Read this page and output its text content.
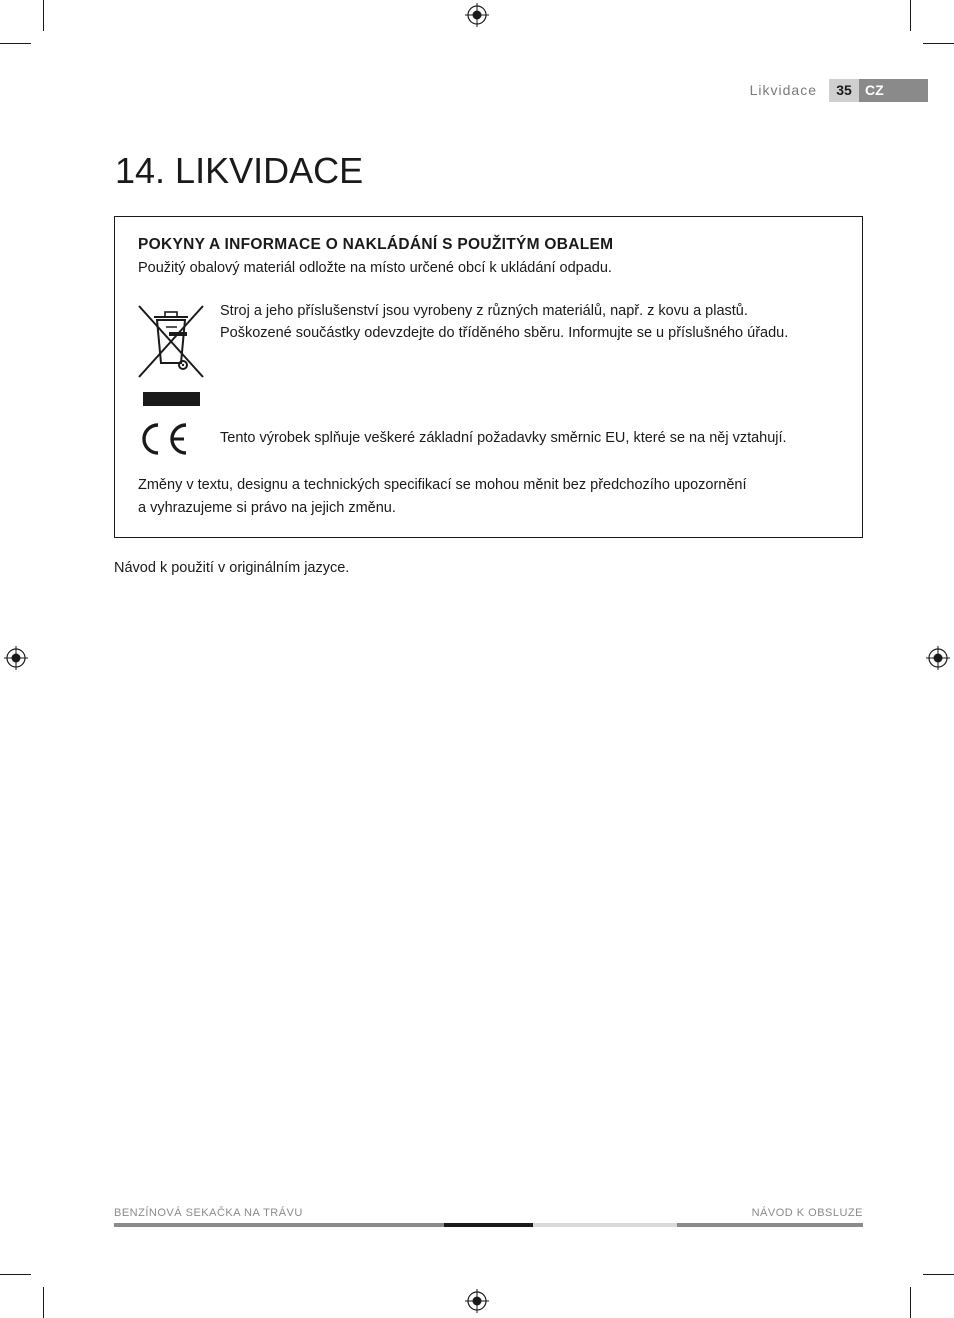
Likvidace	35 CZ
14. LIKVIDACE
POKYNY A INFORMACE O NAKLÁDÁNÍ S POUŽITÝM OBALEM
Použitý obalový materiál odložte na místo určené obcí k ukládání odpadu.
Stroj a jeho příslušenství jsou vyrobeny z různých materiálů, např. z kovu a plastů.
Poškozené součástky odevzdejte do tříděného sběru. Informujte se u příslušného úřadu.
Tento výrobek splňuje veškeré základní požadavky směrnic EU, které se na něj vztahují.
Změny v textu, designu a technických specifikací se mohou měnit bez předchozího upozornění
a vyhrazujeme si právo na jejich změnu.
Návod k použití v originálním jazyce.
BENZÍNOVÁ SEKAČKA NA TRÁVU	NÁVOD K OBSLUZE
